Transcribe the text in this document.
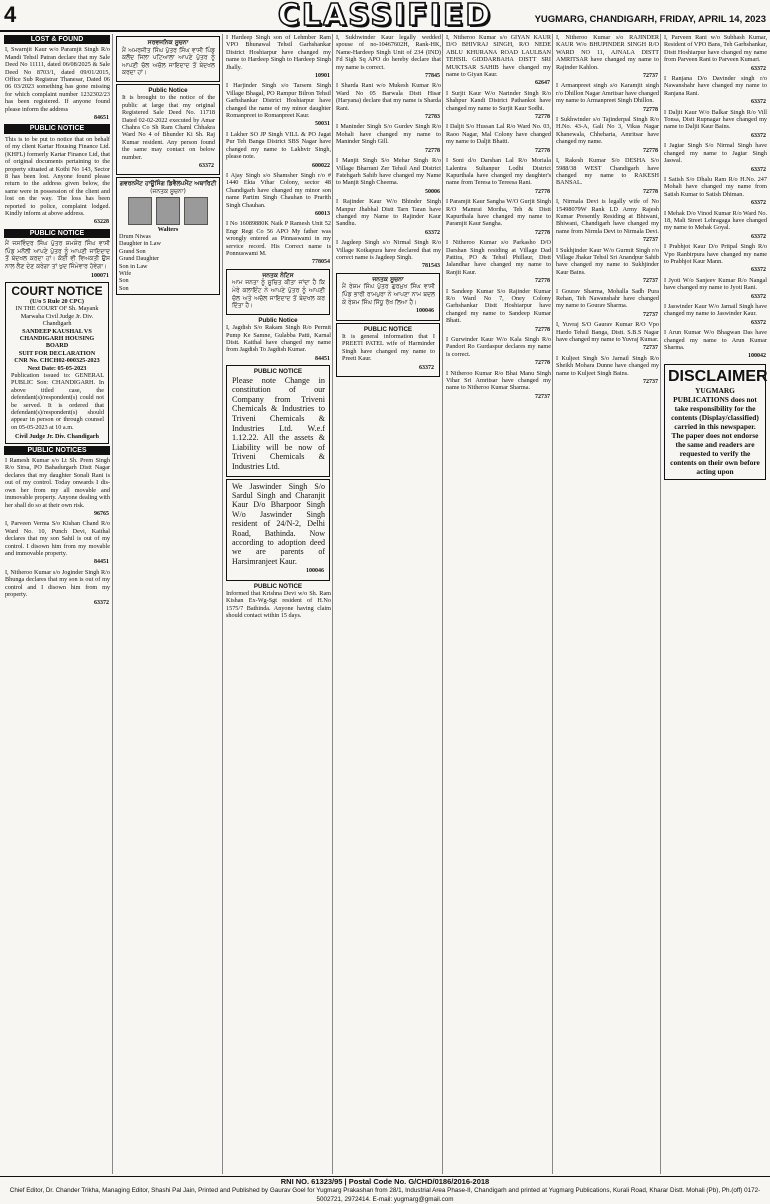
4	CLASSIFIED	YUGMARG, CHANDIGARH, FRIDAY, APRIL 14, 2023
LOST & FOUND

I, Swarnjit Kaur w/o Paramjit Singh R/o Mandi Tehsil Patran declare that my Sale Deed No 11111, dated 06/08/2025 & Sale Deed No 8703/1, dated 09/01/2015, Office Sub Registrar Thanesar, Dated 06 06 03/2023 something has gone missing for which complaint number 1232302/23 has been registered. If anyone found please inform the address

84651
PUBLIC NOTICE

This is to be put to notice that on behalf of my client Kartar Housing Finance Ltd. (KHFL) formerly Kartar Finance Ltd, that of original documents pertaining to the property situated at Kothi No 143, Sector 8 has been lost. Anyone found please return to the address given below, the same were in possession of the client and lost on the way. The loss has been reported to police, complaint lodged. Kindly inform at above address.

63228
PUBLIC NOTICE

ਮੈਂ ਜਸਵਿੰਦਰ ਸਿੰਘ ਪੁੱਤਰ ਸ਼ਮਸ਼ੇਰ ਸਿੰਘ ਵਾਸੀ ਪਿੰਡ ਮਨੌਲੀ ਆਪਣੇ ਪੁੱਤਰ ਨੂੰ ਆਪਣੀ ਜਾਇਦਾਦ ਤੋਂ ਬੇਦਖਲ ਕਰਦਾ ਹਾਂ। ਕੋਈ ਵੀ ਵਿਅਕਤੀ ਉਸ ਨਾਲ ਲੈਣ ਦੇਣ ਕਰੇਗਾ ਤਾਂ ਖੁਦ ਜਿੰਮੇਵਾਰ ਹੋਵੇਗਾ।

100071
COURT NOTICE
(U/o 5 Rule 20 CPC)
IN THE COURT OF Sh. Mayank Marwaha Civil Judge Jr. Div. Chandigarh
SANDEEP KAUSHAL VS CHANDIGARH HOUSING BOARD
SUIT FOR DECLARATION
CNR No. CHCH02-000325-2023
Next Date: 05-05-2023

Publication issued to: GENERAL PUBLIC Son: CHANDIGARH. In above titled case, the defendant(s)/respondent(s) could not be served. It is ordered that defendant(s)/respondent(s) should appear in person or through counsel on 05-05-2023 at 10 a.m.

Civil Judge Jr. Div. Chandigarh
PUBLIC NOTICES

I Ramesh Kumar s/o Lt Sh. Prem Singh R/o Sirsa, PO Bahadurgarh Distt Nagar declares that my daughter Sonali Rani is out of my control. Today onwards I dis-own her from my all movable and immovable property. Anyone dealing with her shall do so at their own risk.

96765

I, Parveen Verma S/o Kishan Chand R/o Ward No. 10, Punch Devi, Kaithal declares that my son Sahil is out of my control. I disown him from my movable and immovable property.

84451

I, Nitheroo Kumar s/o Joginder Singh R/o Bhunga declares that my son is out of my control and I disown him from my property.

63372
ਸਰਵਜਨਿਕ ਸੂਚਨਾ

ਮੈਂ ਅਮਰਜੀਤ ਸਿੰਘ ਪੁੱਤਰ ਸਿੰਘ ਵਾਸੀ ਪਿੰਡ ਕਲੌਦ ਜਿਲਾ ਪਟਿਆਲਾ ਆਪਣੇ ਪੁੱਤਰ ਨੂੰ ਆਪਣੀ ਚੱਲ ਅਚੱਲ ਜਾਇਦਾਦ ਤੋਂ ਬੇਦਖਲ ਕਰਦਾ ਹਾਂ।

Public Notice

It is brought to the notice of the public at large that my original Registered Sale Deed No. 11718 Dated 02-02-2022 executed by Amar Chahra Co Sh Ram Chaml Chhakra Ward No 4 of Bhunder Ki Sh. Raj Kumar resident. Any person found the same may contact on below number.

63372
ਗਵਰਨਮੈਂਟ ਹਾਊਸਿੰਗ ਡਿਵੈਲਪਮੈਂਟ ਅਥਾਰਿਟੀ
(ਜਨਤਕ ਸੂਚਨਾ)

Walters
Drum Niwas
Daughter in Law
Grand Son
Grand Daughter
Son in Law
Wife
Son
Son

I Hardeep Singh son of Lehmber Ram VPO Bhunawal Tehsil Garhshankar District Hoshiarpur have changed my name to Hardeep Singh to Hardeep Singh Jhally.

10901

I Harjinder Singh s/o Tarsem Singh Village Bhagal, PO Rampur Bilron Tehsil Garhshankar District Hoshiarpur have changed the name of my minor daughter Romanpreet to Romanpreet Kaur.

50031

I Lakher SO JP Singh VILL & PO Jagat Pur Teh Banga District SBS Nagar have changed my name to Lakhvir Singh, please note.

600022

I Ajay Singh s/o Shamsher Singh r/o # 1440 Ekta Vihar Colony, sector 48 Chandigarh have changed my minor son name Partim Singh Chauhan to Prarith Singh Chauhan.

60013

I No 16089880K Naik P Ramesh Unit 52 Engr Regt Co 56 APO My father was wrongly entered as Pinnaswami in my service record. His Correct name is Ponnuswami M.

778054
ਜਨਤਕ ਨੋਟਿਸ

ਆਮ ਜਨਤਾ ਨੂੰ ਸੂਚਿਤ ਕੀਤਾ ਜਾਂਦਾ ਹੈ ਕਿ ਮੇਰੇ ਕਲਾਇੰਟ ਨੇ ਆਪਣੇ ਪੁੱਤਰ ਨੂੰ ਆਪਣੀ ਚੱਲ ਅਤੇ ਅਚੱਲ ਜਾਇਦਾਦ ਤੋਂ ਬੇਦਖਲ ਕਰ ਦਿੱਤਾ ਹੈ।

Public Notice

I, Jagdish S/o Rakam Singh R/o Permit Pump Ke Samne, Gulabba Patti, Karnal Distt. Kaithal have changed my name from Jagdish To Jagdish Kumar.

84451
PUBLIC NOTICE

Please note Change in constitution of our Company from Triveni Chemicals & Industries to Triveni Chemicals & Industries Ltd. W.e.f 1.12.22. All the assets & Liability will be now of Triveni Chemicals & Industries Ltd.

We Jaswinder Singh S/o Sardul Singh and Charanjit Kaur D/o Bharpoor Singh W/o Jaswinder Singh resident of 24/N-2, Delhi Road, Bathinda. Now according to adoption deed we are parents of Harsimranjeet Kaur.

100046
PUBLIC NOTICE

Informed that Krishna Devi w/o Sh. Ram Kishan Ex-Wg-Sgt resident of H.No 1575/7 Bathinda. Anyone having claim should contact within 15 days.

I, Sukhwinder Kaur legally wedded spouse of no-10467602H, Rank-HK, Name-Hardeep Singh Unit of 234 (IND) Fd Sigh Sq APO do hereby declare that my name is correct.

77845

I Sharda Rani w/o Mukesh Kumar R/o Ward No 05 Barwala Distt Hisar (Haryana) declare that my name is Sharda Rani.

72783

I Maninder Singh S/o Gurdev Singh R/o Mohali have changed my name to Maninder Singh Gill.

72778

I Manjit Singh S/o Mehar Singh R/o Village Bharrani Zer Tehsil And District Fatehgarh Sahib have changed my Name to Manjit Singh Cheema.

50006

I Rajinder Kaur W/o Bhinder Singh Manpur Jhabhal Distt Tarn Taran have changed my Name to Rajinder Kaur Sandhu.

63372

I Jagdeep Singh s/o Nirmal Singh R/o Village Kotkapura have declared that my correct name is Jagdeep Singh.

781543
ਜਨਤਕ ਸੂਚਨਾ

ਮੈਂ ਰੇਸ਼ਮ ਸਿੰਘ ਪੁੱਤਰ ਗੁਰਮੁਖ ਸਿੰਘ ਵਾਸੀ ਪਿੰਡ ਭਾਰੀ ਰਾਮਪੁਰਾ ਨੇ ਆਪਣਾ ਨਾਮ ਬਦਲ ਕੇ ਰੇਸ਼ਮ ਸਿੰਘ ਸਿੱਧੂ ਰੱਖ ਲਿਆ ਹੈ।

100046
PUBLIC NOTICE

It is general information that I PREETI PATEL wife of Harminder Singh have changed my name to Preeti Kaur.

63372

I, Nitheroo Kumar s/o GIYAN KAUR D/O BHIVRAJ SINGH, R/O NEDE ABLU KHURANA ROAD LAULBAN TEHSIL GIDDARBAHA DISTT SRI MUKTSAR SAHIB have changed my name to Giyan Kaur.

62647

I Surjit Kaur W/o Narinder Singh R/o Shahpur Kandi District Pathankot have changed my name to Surjit Kaur Sodhi.

72778

I Daljit S/o Hussan Lal R/o Ward No. 03, Raoo Nagar, Mal Colony have changed my name to Daljit Bhatti.

72778

I Soni d/o Darshan Lal R/o Moriala Lalentra Sultanpur Lodhi District Kapurthala have changed my daughter's name from Teresa to Tereesa Rani.

72778

I Paramjit Kaur Sangha W/O Gurjit Singh R/O Mamrai Moriha, Teh & Distt Kapurthala have changed my name to Paramjit Kaur Sangha.

72778

I Nitheroo Kumar s/o Parkasho D/O Darshan Singh residing at Village Dad Pattira, PO & Tehsil Phillaur, Distt Jalandhar have changed my name to Ranjit Kaur.

72778

I Sandeep Kumar S/o Rajinder Kumar R/o Ward No 7, Oney Colony Garhshankar Distt Hoshiarpur have changed my name to Sandeep Kumar Bhatt.

72778

I Gurwinder Kaur W/o Kala Singh R/o Pandori Ro Gurdaspur declares my name is correct.

72778

I Nitheroo Kumar R/o Bhai Manu Singh Vihar Sri Amritsar have changed my name to Nitheroo Kumar Sharma.

72737

I, Nitheroo Kumar s/o RAJINDER KAUR W/o BHUPINDER SINGH R/O WARD NO 11, AJNALA DISTT AMRITSAR have changed my name to Rajinder Kahlon.

72737

I Armanpreet singh s/o Karamjit singh r/o Dhillon Nagar Amritsar have changed my name to Armanpreet Singh Dhillon.

72778

I Sukhwinder s/o Tajinderpal Singh R/o H.No. 43-A, Gali No 3, Vikas Nagar Khanewala, Chheharta, Amritsar have changed my name.

72778

I, Rakesh Kumar S/o DESHA S/o 5988/38 WEST Chandigarh have changed my name to RAKESH BANSAL.

72778

I, Nirmala Devi is legally wife of No 15498079W Rank LD Army Rajesh Kumar Presently Residing at Bhiwani, Bhiwani, Chandigarh have changed my name from Nirmla Devi to Nirmala Devi.

72737

I Sukhjinder Kaur W/o Gurmit Singh r/o Village Jhakar Tehsil Sri Anandpur Sahib have changed my name to Sukhjinder Kaur Bains.

72737

I Gourav Sharma, Mohalla Sadh Pura Rehan, Teh Nawanshahr have changed my name to Gourav Sharma.

72737

I, Yuvraj S/O Gaurav Kumar R/O Vpo Hardo Tehsil Banga, Distt. S.B.S Nagar have changed my name to Yuvraj Kumar.

72737

I Kuljeet Singh S/o Jarnail Singh R/o Sheikh Mohara Dunne have changed my name to Kuljeet Singh Bains.

72737

I, Parveen Rani w/o Subhash Kumar, Resident of VPO Bans, Teh Garhshankar, Distt Hoshiarpur have changed my name from Parveen Rani to Parveen Kumari.

63372

I Ranjana D/o Davinder singh r/o Nawanshahr have changed my name to Ranjana Rani.

63372

I Daljit Kaur W/o Balkar Singh R/o Vill Tonsa, Distt Rupnagar have changed my name to Daljit Kaur Bains.

63372

I Jagtar Singh S/o Nirmal Singh have changed my name to Jagtar Singh Jaswal.

63372

I Satish S/o Dhalu Ram R/o H.No. 247 Mohali have changed my name from Satish Kumar to Satish Dhiman.

63372

I Mehak D/o Vinod Kumar R/o Ward No. 18, Mali Street Lehragaga have changed my name to Mehak Goyal.

63372

I Prabhjot Kaur D/o Pritpal Singh R/o Vpo Ranbirpura have changed my name to Prabhjot Kaur Mann.

63372

I Jyoti W/o Sanjeev Kumar R/o Nangal have changed my name to Jyoti Rani.

63372

I Jaswinder Kaur W/o Jarnail Singh have changed my name to Jaswinder Kaur.

63372

I Arun Kumar W/o Bhagwan Das have changed my name to Arun Kumar Sharma.

100042
DISCLAIMER
YUGMARG PUBLICATIONS does not take responsibility for the contents (Display/classified) carried in this newspaper. The paper does not endorse the same and readers are requested to verify the contents on their own before acting upon
RNI NO. 61323/95 | Postal Code No. G/CHD/0186/2016-2018
Chief Editor, Dr. Chander Trikha, Managing Editor, Shashi Pal Jain, Printed and Published by Gaurav Goel for Yugmarg Prakashan from 28/1, Industrial Area Phase-II, Chandigarh and printed at Yugmarg Publications, Kurali Road, Kharar Distt. Mohali (Pb), Ph.(off) 0172-5002721, 2972414. E-mail: yugmarg@gmail.com
